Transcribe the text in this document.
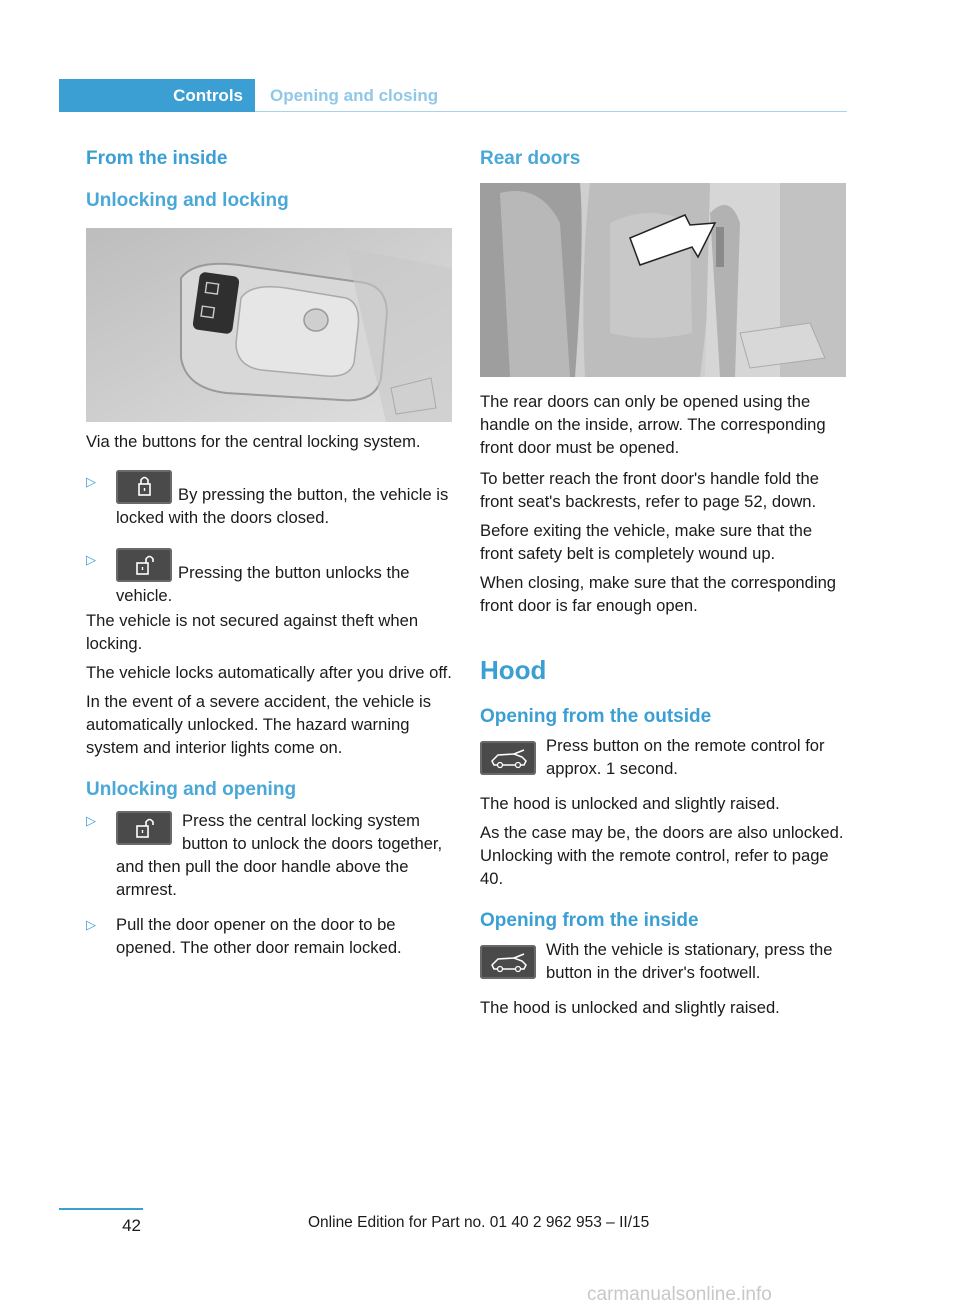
Controls Opening and closing
From the inside
Unlocking and locking

Via the buttons for the central locking system.

▷
By pressing the button, the vehicle is locked with the doors closed.
▷
Pressing the button unlocks the vehicle.

The vehicle is not secured against theft when locking.

The vehicle locks automatically after you drive off.

In the event of a severe accident, the vehicle is automatically unlocked. The hazard warning system and interior lights come on.

Unlocking and opening
▷	Press the central locking system button to unlock the doors together, and then pull the door handle above the armrest.
▷ Pull the door opener on the door to be opened. The other door remain locked.
Rear doors

The rear doors can only be opened using the handle on the inside, arrow. The corresponding front door must be opened.

To better reach the front door's handle fold the front seat's backrests, refer to page 52, down.

Before exiting the vehicle, make sure that the front safety belt is completely wound up.

When closing, make sure that the corresponding front door is far enough open.

Hood
Opening from the outside

Press button on the remote control for approx. 1 second.

The hood is unlocked and slightly raised.

As the case may be, the doors are also unlocked. Unlocking with the remote control, refer to page 40.

Opening from the inside

With the vehicle is stationary, press the button in the driver's footwell.

The hood is unlocked and slightly raised.

42	Online Edition for Part no. 01 40 2 962 953 – II/15
carmanualsonline.info
